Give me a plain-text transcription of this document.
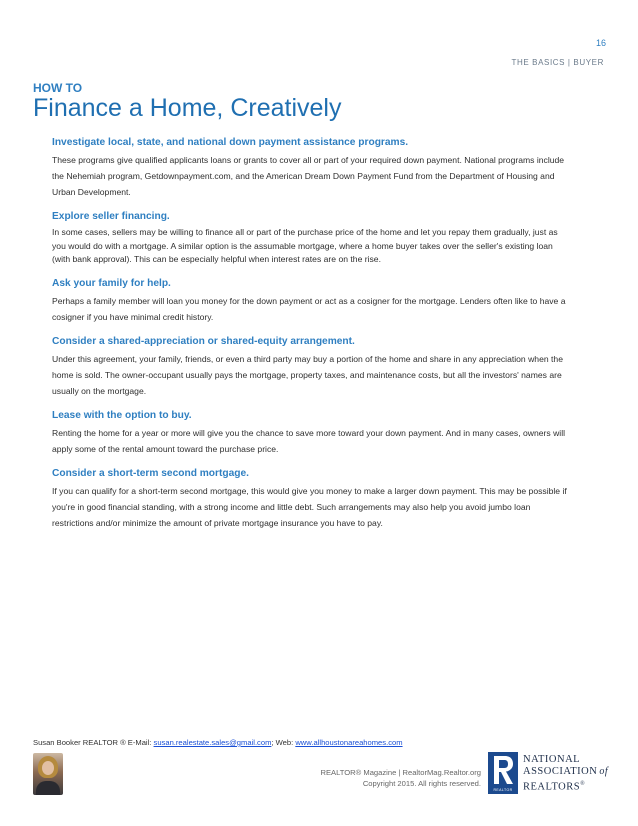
16
THE BASICS | BUYER
HOW TO
Finance a Home, Creatively
Investigate local, state, and national down payment assistance programs.

These programs give qualified applicants loans or grants to cover all or part of your required down payment. National programs include the Nehemiah program, Getdownpayment.com, and the American Dream Down Payment Fund from the Department of Housing and Urban Development.

Explore seller financing.

In some cases, sellers may be willing to finance all or part of the purchase price of the home and let you repay them gradually, just as you would do with a mortgage. A similar option is the assumable mortgage, where a home buyer takes over the seller's existing loan (with bank approval). This can be especially helpful when interest rates are on the rise.

Ask your family for help.

Perhaps a family member will loan you money for the down payment or act as a cosigner for the mortgage. Lenders often like to have a cosigner if you have minimal credit history.

Consider a shared-appreciation or shared-equity arrangement.

Under this agreement, your family, friends, or even a third party may buy a portion of the home and share in any appreciation when the home is sold. The owner-occupant usually pays the mortgage, property taxes, and maintenance costs, but all the investors' names are usually on the mortgage.

Lease with the option to buy.

Renting the home for a year or more will give you the chance to save more toward your down payment. And in many cases, owners will apply some of the rental amount toward the purchase price.

Consider a short-term second mortgage.

If you can qualify for a short-term second mortgage, this would give you money to make a larger down payment. This may be possible if you're in good financial standing, with a strong income and little debt. Such arrangements may also help you avoid jumbo loan restrictions and/or minimize the amount of private mortgage insurance you have to pay.

Susan Booker REALTOR ® E-Mail: susan.realestate.sales@gmail.com; Web: www.allhoustonareahomes.com
REALTOR® Magazine | RealtorMag.Realtor.org
Copyright 2015. All rights reserved.
REALTOR
NATIONAL
ASSOCIATION of
REALTORS®
